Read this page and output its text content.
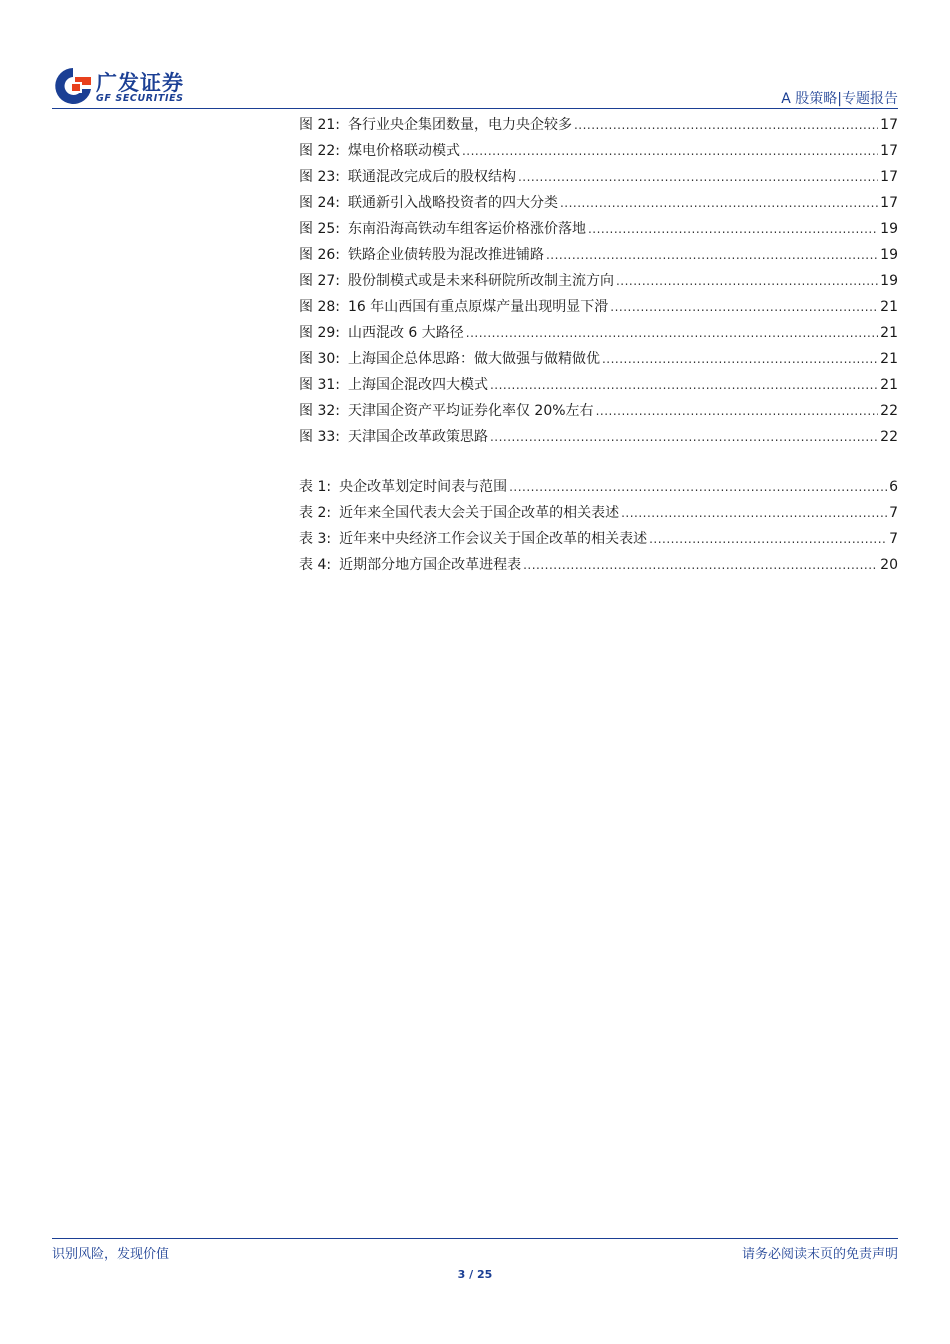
广发证券
GF SECURITIES	A 股策略|专题报告
图 21: 各行业央企集团数量，电力央企较多 .....	17
图 22: 煤电价格联动模式 .....	17
图 23: 联通混改完成后的股权结构 .....	17
图 24: 联通新引入战略投资者的四大分类 .....	17
图 25: 东南沿海高铁动车组客运价格涨价落地 .....	19
图 26: 铁路企业债转股为混改推进铺路 .....	19
图 27: 股份制模式或是未来科研院所改制主流方向 .....	19
图 28: 16 年山西国有重点原煤产量出现明显下滑 .....	21
图 29: 山西混改 6 大路径 .....	21
图 30: 上海国企总体思路：做大做强与做精做优 .....	21
图 31: 上海国企混改四大模式 .....	21
图 32: 天津国企资产平均证券化率仅 20%左右 .....	22
图 33: 天津国企改革政策思路 .....	22
表 1: 央企改革划定时间表与范围 .....	6
表 2: 近年来全国代表大会关于国企改革的相关表述 .....	7
表 3: 近年来中央经济工作会议关于国企改革的相关表述 .....	7
表 4: 近期部分地方国企改革进程表 .....	20
识别风险，发现价值	请务必阅读末页的免责声明
3 / 25
